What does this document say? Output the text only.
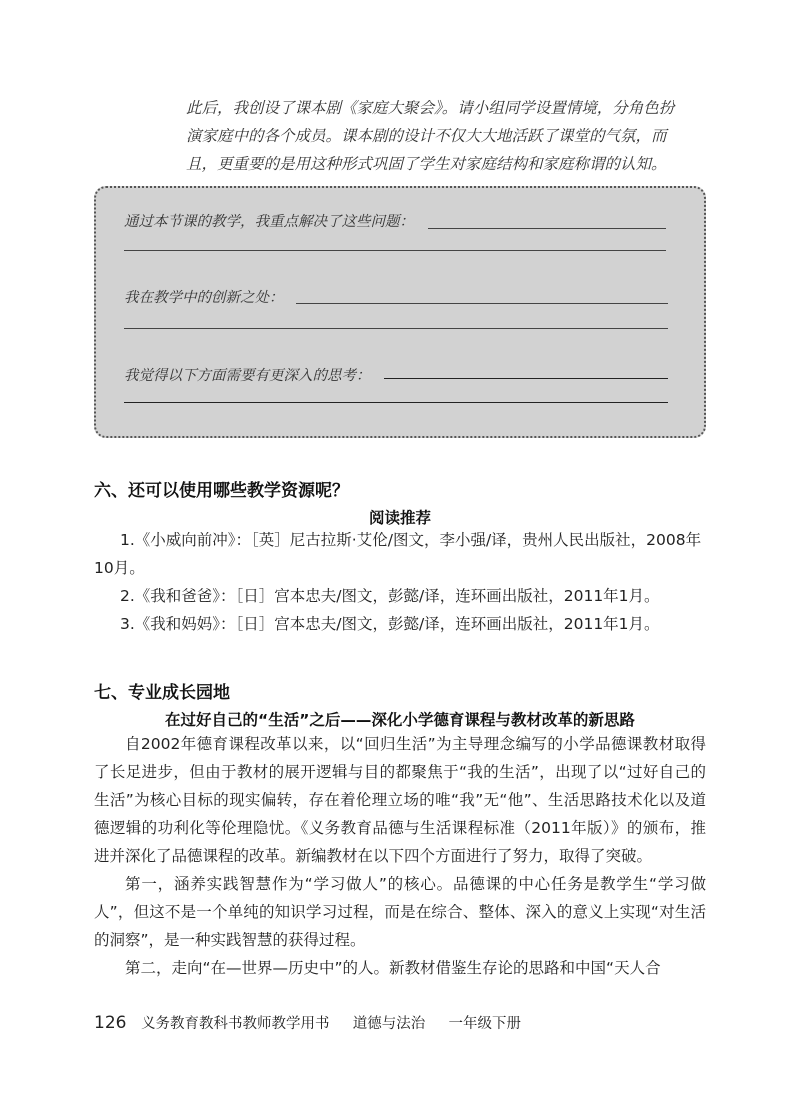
此后，我创设了课本剧《家庭大聚会》。请小组同学设置情境，分角色扮演家庭中的各个成员。课本剧的设计不仅大大地活跃了课堂的气氛，而且，更重要的是用这种形式巩固了学生对家庭结构和家庭称谓的认知。

通过本节课的教学，我重点解决了这些问题：
我在教学中的创新之处：
我觉得以下方面需要有更深入的思考：
六、还可以使用哪些教学资源呢？
阅读推荐
1.《小威向前冲》：［英］尼古拉斯·艾伦/图文，李小强/译，贵州人民出版社，2008年10月。
2.《我和爸爸》：［日］宫本忠夫/图文，彭懿/译，连环画出版社，2011年1月。
3.《我和妈妈》：［日］宫本忠夫/图文，彭懿/译，连环画出版社，2011年1月。
七、专业成长园地
在过好自己的“生活”之后——深化小学德育课程与教材改革的新思路

自2002年德育课程改革以来，以“回归生活”为主导理念编写的小学品德课教材取得了长足进步，但由于教材的展开逻辑与目的都聚焦于“我的生活”，出现了以“过好自己的生活”为核心目标的现实偏转，存在着伦理立场的唯“我”无“他”、生活思路技术化以及道德逻辑的功利化等伦理隐忧。《义务教育品德与生活课程标准（2011年版）》的颁布，推进并深化了品德课程的改革。新编教材在以下四个方面进行了努力，取得了突破。

第一，涵养实践智慧作为“学习做人”的核心。品德课的中心任务是教学生“学习做人”，但这不是一个单纯的知识学习过程，而是在综合、整体、深入的意义上实现“对生活的洞察”，是一种实践智慧的获得过程。

第二，走向“在—世界—历史中”的人。新教材借鉴生存论的思路和中国“天人合

126 义务教育教科书教师教学用书 道德与法治 一年级下册
